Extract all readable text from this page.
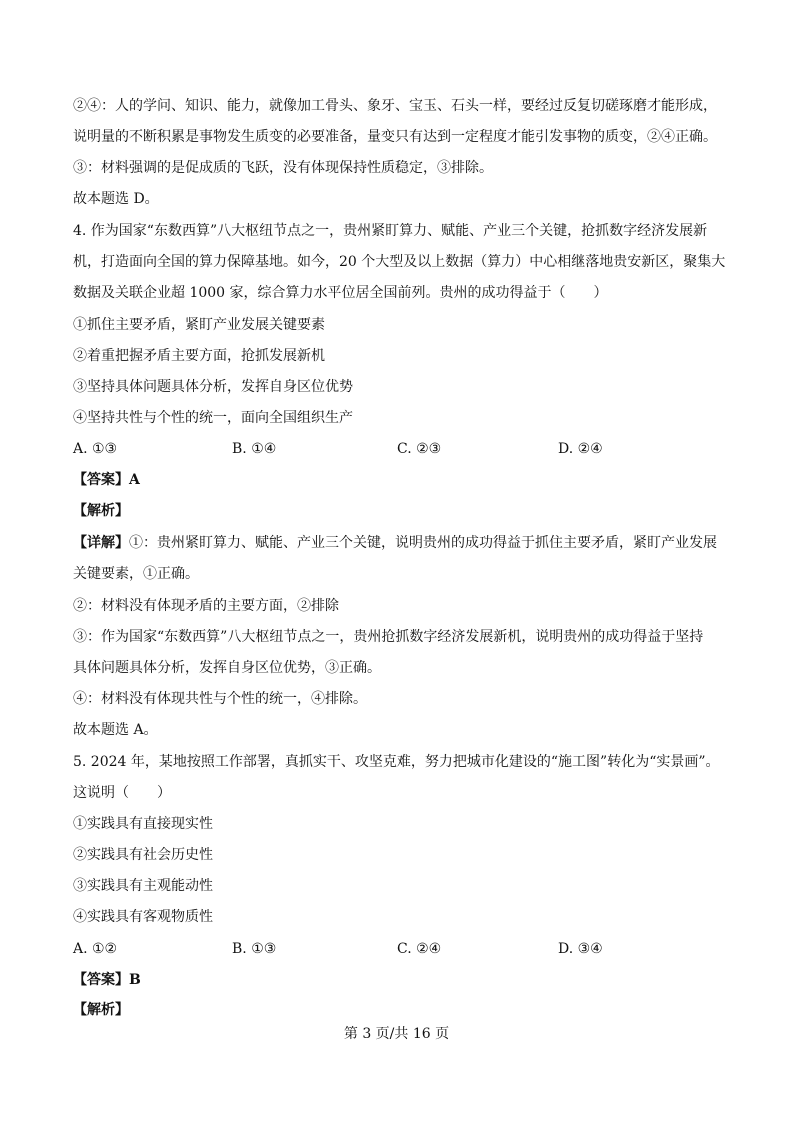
②④：人的学问、知识、能力，就像加工骨头、象牙、宝玉、石头一样，要经过反复切磋琢磨才能形成，
说明量的不断积累是事物发生质变的必要准备，量变只有达到一定程度才能引发事物的质变，②④正确。
③：材料强调的是促成质的飞跃，没有体现保持性质稳定，③排除。
故本题选 D。
4. 作为国家“东数西算”八大枢纽节点之一，贵州紧盯算力、赋能、产业三个关键，抢抓数字经济发展新
机，打造面向全国的算力保障基地。如今，20 个大型及以上数据（算力）中心相继落地贵安新区，聚集大
数据及关联企业超 1000 家，综合算力水平位居全国前列。贵州的成功得益于（　　）
①抓住主要矛盾，紧盯产业发展关键要素
②着重把握矛盾主要方面，抢抓发展新机
③坚持具体问题具体分析，发挥自身区位优势
④坚持共性与个性的统一，面向全国组织生产
A. ①③	B. ①④	C. ②③	D. ②④
【答案】A
【解析】
【详解】①：贵州紧盯算力、赋能、产业三个关键，说明贵州的成功得益于抓住主要矛盾，紧盯产业发展
关键要素，①正确。
②：材料没有体现矛盾的主要方面，②排除
③：作为国家“东数西算”八大枢纽节点之一，贵州抢抓数字经济发展新机，说明贵州的成功得益于坚持
具体问题具体分析，发挥自身区位优势，③正确。
④：材料没有体现共性与个性的统一，④排除。
故本题选 A。
5. 2024 年，某地按照工作部署，真抓实干、攻坚克难，努力把城市化建设的“施工图”转化为“实景画”。
这说明（　　）
①实践具有直接现实性
②实践具有社会历史性
③实践具有主观能动性
④实践具有客观物质性
A. ①②	B. ①③	C. ②④	D. ③④
【答案】B
【解析】
第 3 页/共 16 页
